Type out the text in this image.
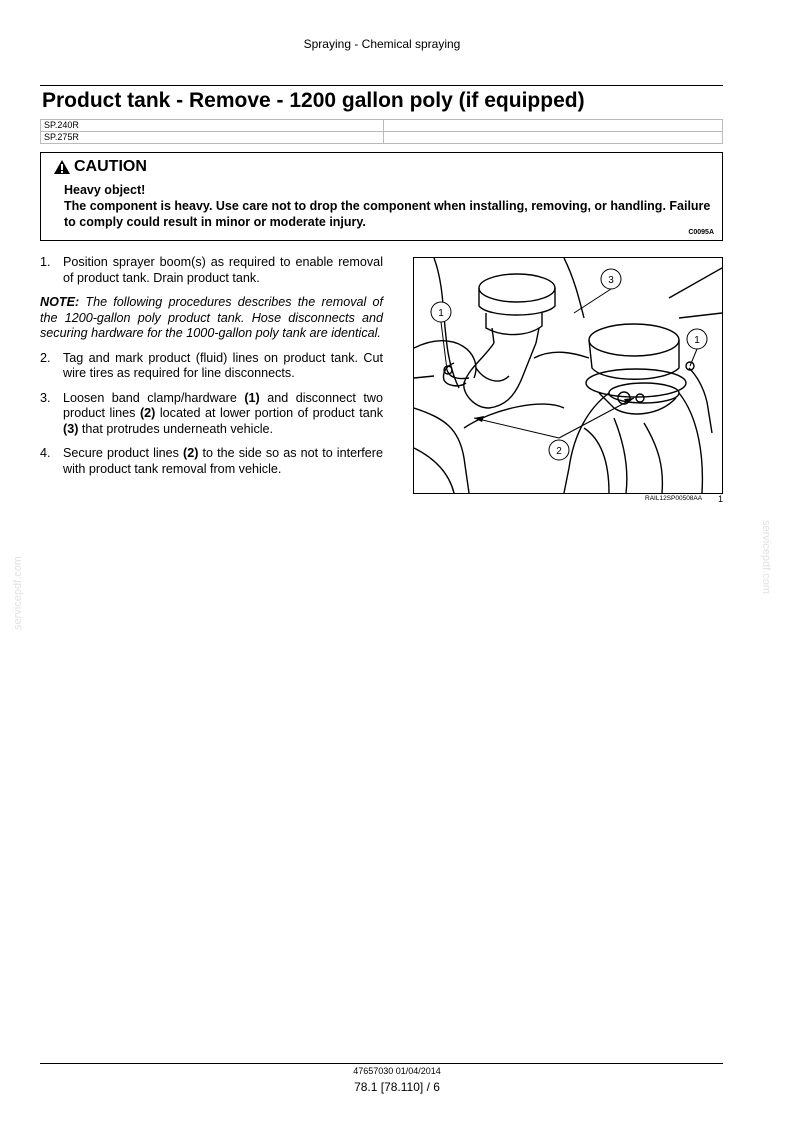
Spraying - Chemical spraying
Product tank - Remove - 1200 gallon poly (if equipped)
SP.240R	
SP.275R	
CAUTION
Heavy object!
The component is heavy. Use care not to drop the component when installing, removing, or handling. Failure to comply could result in minor or moderate injury.
C0095A
1. Position sprayer boom(s) as required to enable removal of product tank. Drain product tank.
NOTE: The following procedures describes the removal of the 1200-gallon poly product tank. Hose disconnects and securing hardware for the 1000-gallon poly tank are identical.
2. Tag and mark product (fluid) lines on product tank. Cut wire tires as required for line disconnects.
3. Loosen band clamp/hardware (1) and disconnect two product lines (2) located at lower portion of product tank (3) that protrudes underneath vehicle.
4. Secure product lines (2) to the side so as not to interfere with product tank removal from vehicle.
1
1
2
3
RAIL12SP00508AA 1
servicepdf.com	servicepdf.com
47657030 01/04/2014
78.1 [78.110] / 6
